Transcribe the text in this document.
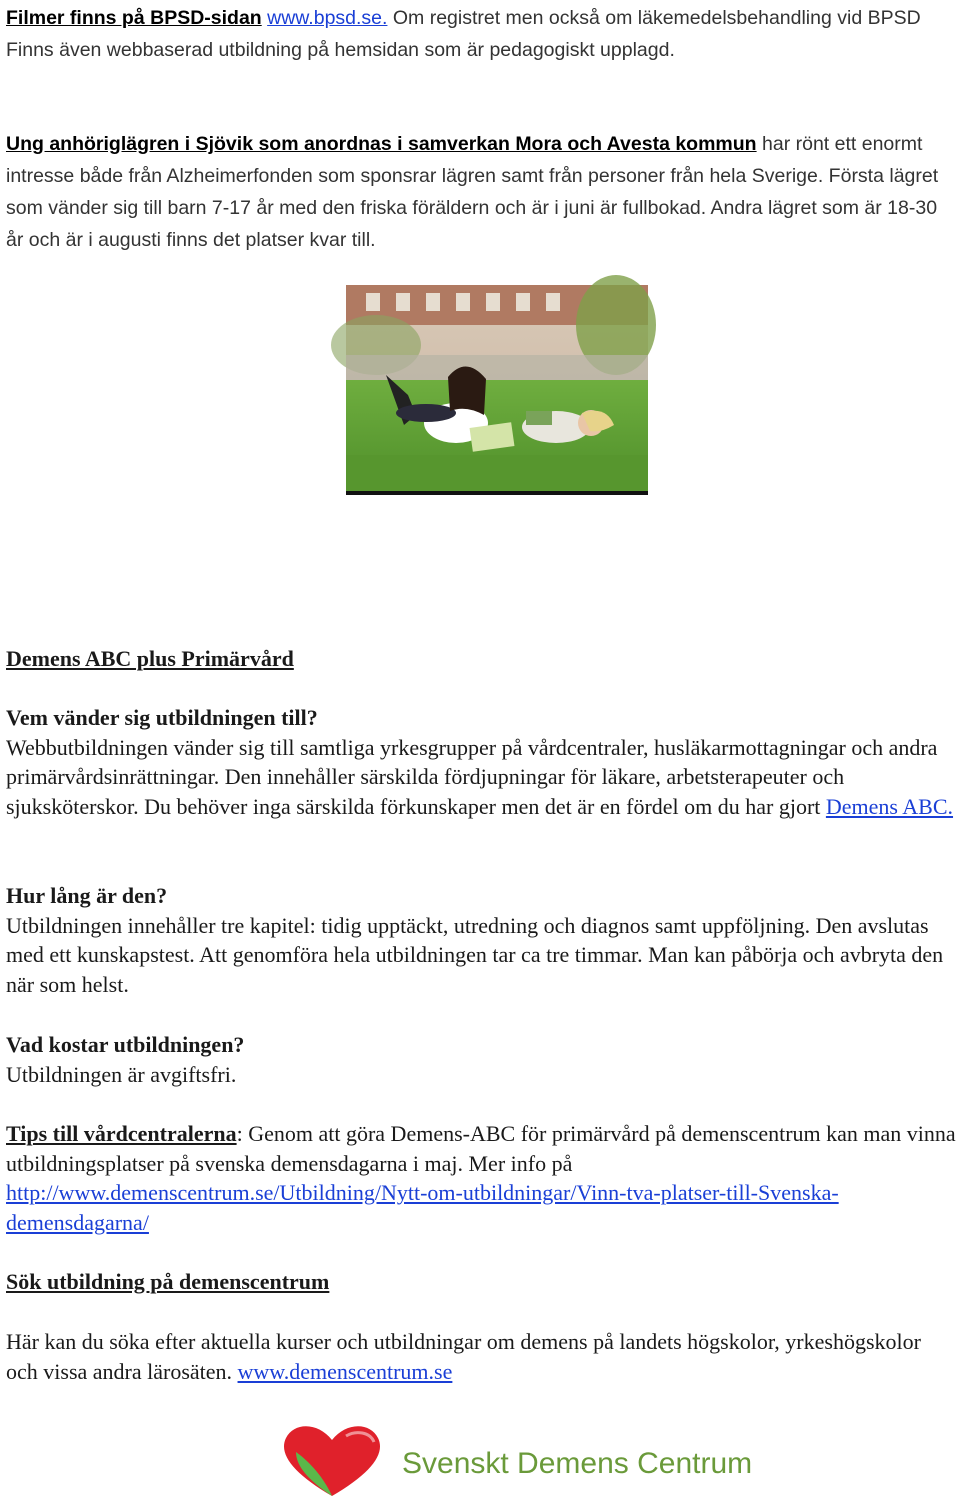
Filmer finns på BPSD-sidan www.bpsd.se. Om registret men också om läkemedelsbehandling vid BPSD Finns även webbaserad utbildning på hemsidan som är pedagogiskt upplagd.

Ung anhöriglägren i Sjövik som anordnas i samverkan Mora och Avesta kommun har rönt ett enormt intresse både från Alzheimerfonden som sponsrar lägren samt från personer från hela Sverige. Första lägret som vänder sig till barn 7-17 år med den friska föräldern och är i juni är fullbokad. Andra lägret som är 18-30 år och är i augusti finns det platser kvar till.

Demens ABC plus Primärvård

Vem vänder sig utbildningen till?

Webbutbildningen vänder sig till samtliga yrkesgrupper på vårdcentraler, husläkarmottagningar och andra primärvårdsinrättningar. Den innehåller särskilda fördjupningar för läkare, arbetsterapeuter och sjuksköterskor. Du behöver inga särskilda förkunskaper men det är en fördel om du har gjort Demens ABC.

Hur lång är den?

Utbildningen innehåller tre kapitel: tidig upptäckt, utredning och diagnos samt uppföljning. Den avslutas med ett kunskapstest. Att genomföra hela utbildningen tar ca tre timmar. Man kan påbörja och avbryta den när som helst.

Vad kostar utbildningen?

Utbildningen är avgiftsfri.

Tips till vårdcentralerna: Genom att göra Demens-ABC för primärvård på demenscentrum kan man vinna utbildningsplatser på svenska demensdagarna i maj. Mer info på http://www.demenscentrum.se/Utbildning/Nytt-om-utbildningar/Vinn-tva-platser-till-Svenska-demensdagarna/

Sök utbildning på demenscentrum

Här kan du söka efter aktuella kurser och utbildningar om demens på landets högskolor, yrkeshögskolor och vissa andra lärosäten. www.demenscentrum.se

Svenskt Demens Centrum
